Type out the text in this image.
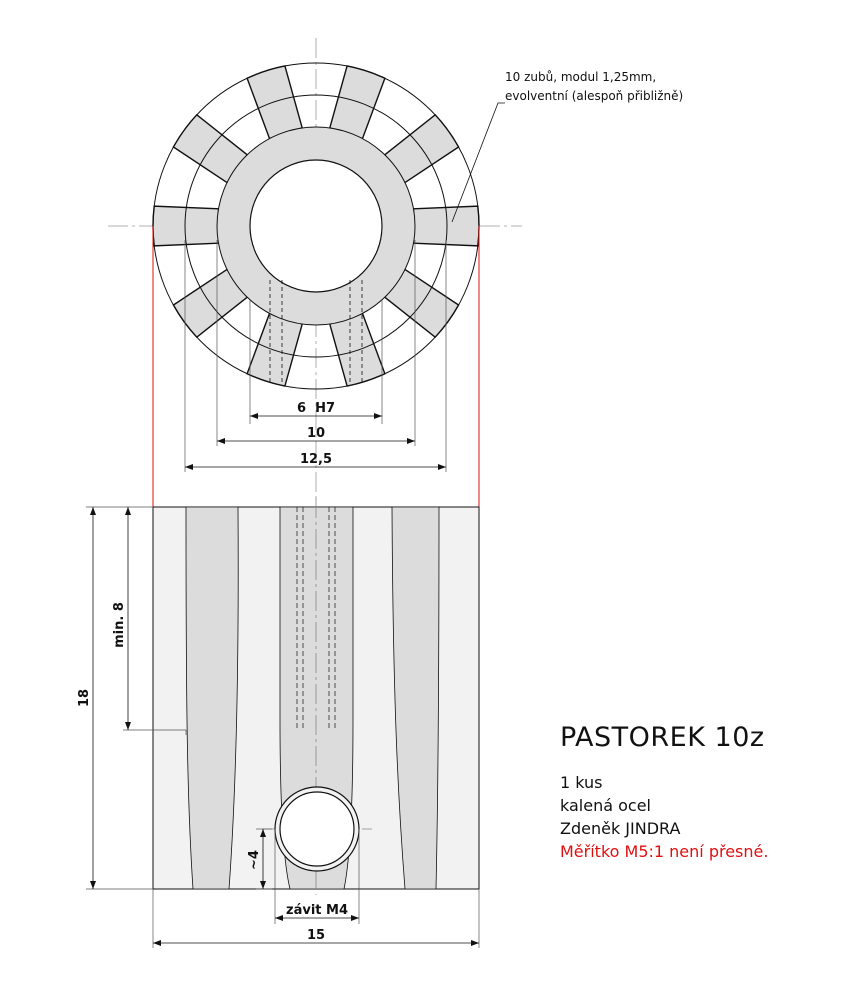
6  H7
10
12,5
10 zubů, modul 1,25mm,
evolventní (alespoň přibližně)
18
min. 8
~4
závit M4
15
PASTOREK 10z
1 kus
kalená ocel
Zdeněk JINDRA
Měřítko M5:1 není přesné.
